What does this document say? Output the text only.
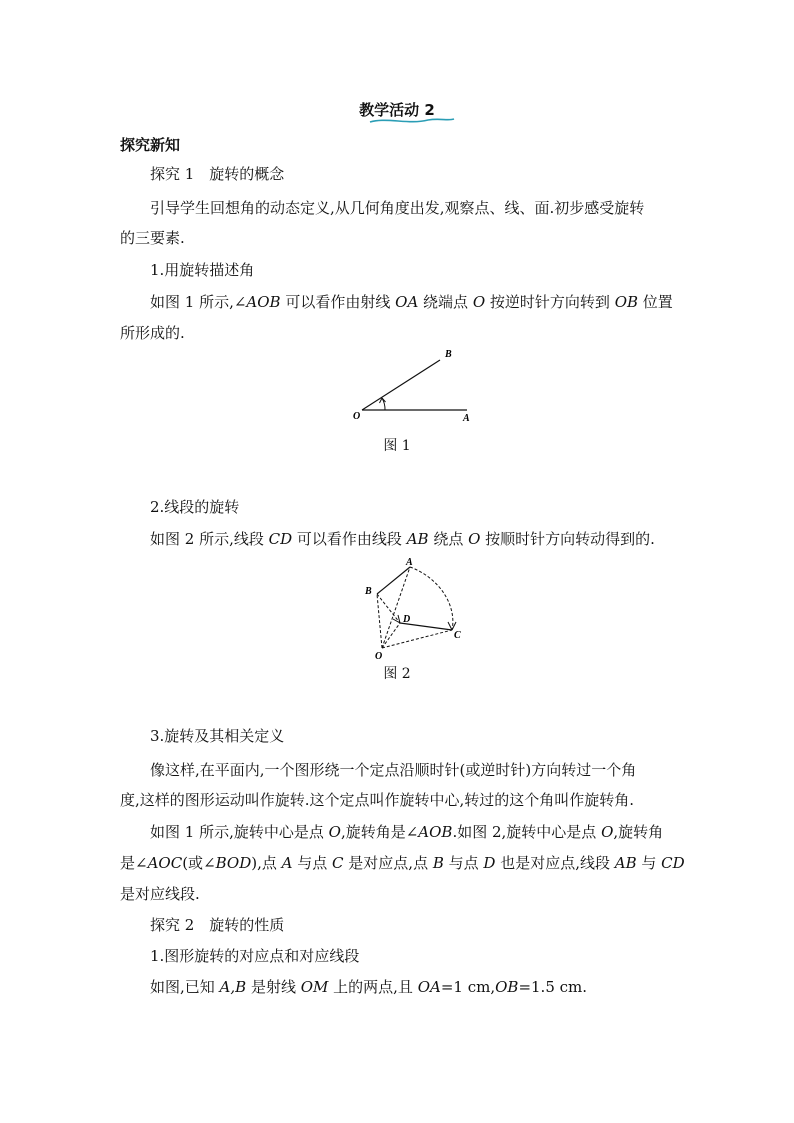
教学活动 2
探究新知
探究 1　旋转的概念
引导学生回想角的动态定义,从几何角度出发,观察点、线、面.初步感受旋转
的三要素.
1.用旋转描述角
如图 1 所示,∠AOB 可以看作由射线 OA 绕端点 O 按逆时针方向转到 OB 位置
所形成的.
O	A
B
图 1
2.线段的旋转
如图 2 所示,线段 CD 可以看作由线段 AB 绕点 O 按顺时针方向转动得到的.
A
B
C
D
O
图 2
3.旋转及其相关定义
像这样,在平面内,一个图形绕一个定点沿顺时针(或逆时针)方向转过一个角
度,这样的图形运动叫作旋转.这个定点叫作旋转中心,转过的这个角叫作旋转角.
如图 1 所示,旋转中心是点 O,旋转角是∠AOB.如图 2,旋转中心是点 O,旋转角
是∠AOC(或∠BOD),点 A 与点 C 是对应点,点 B 与点 D 也是对应点,线段 AB 与 CD
是对应线段.
探究 2　旋转的性质
1.图形旋转的对应点和对应线段
如图,已知 A,B 是射线 OM 上的两点,且 OA=1 cm,OB=1.5 cm.
